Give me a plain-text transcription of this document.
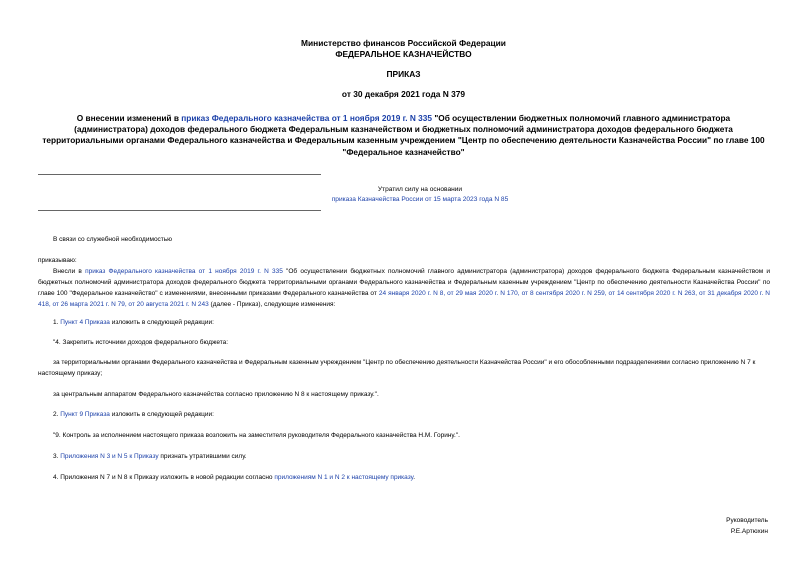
Министерство финансов Российской Федерации
ФЕДЕРАЛЬНОЕ КАЗНАЧЕЙСТВО
ПРИКАЗ
от 30 декабря 2021 года N 379
О внесении изменений в приказ Федерального казначейства от 1 ноября 2019 г. N 335 "Об осуществлении бюджетных полномочий главного администратора (администратора) доходов федерального бюджета Федеральным казначейством и бюджетных полномочий администратора доходов федерального бюджета территориальными органами Федерального казначейства и Федеральным казенным учреждением "Центр по обеспечению деятельности Казначейства России" по главе 100 "Федеральное казначейство"
Утратил силу на основании
приказа Казначейства России от 15 марта 2023 года N 85
В связи со служебной необходимостью
приказываю:
Внесли в приказ Федерального казначейства от 1 ноября 2019 г. N 335 "Об осуществлении бюджетных полномочий главного администратора (администратора) доходов федерального бюджета Федеральным казначейством и бюджетных полномочий администратора доходов федерального бюджета территориальными органами Федерального казначейства и Федеральным казенным учреждением "Центр по обеспечению деятельности Казначейства России" по главе 100 "Федеральное казначейство" с изменениями, внесенными приказами Федерального казначейства от 24 января 2020 г. N 8, от 29 мая 2020 г. N 170, от 8 сентября 2020 г. N 259, от 14 сентября 2020 г. N 263, от 31 декабря 2020 г. N 418, от 26 марта 2021 г. N 79, от 20 августа 2021 г. N 243 (далее - Приказ), следующие изменения:
1. Пункт 4 Приказа изложить в следующей редакции:
"4. Закрепить источники доходов федерального бюджета:
за территориальными органами Федерального казначейства и Федеральным казенным учреждением "Центр по обеспечению деятельности Казначейства России" и его обособленными подразделениями согласно приложению N 7 к настоящему приказу;
за центральным аппаратом Федерального казначейства согласно приложению N 8 к настоящему приказу.".
2. Пункт 9 Приказа изложить в следующей редакции:
"9. Контроль за исполнением настоящего приказа возложить на заместителя руководителя Федерального казначейства Н.М. Горину.".
3. Приложения N 3 и N 5 к Приказу признать утратившими силу.
4. Приложения N 7 и N 8 к Приказу изложить в новой редакции согласно приложениям N 1 и N 2 к настоящему приказу.
Руководитель
Р.Е.Артюхин
